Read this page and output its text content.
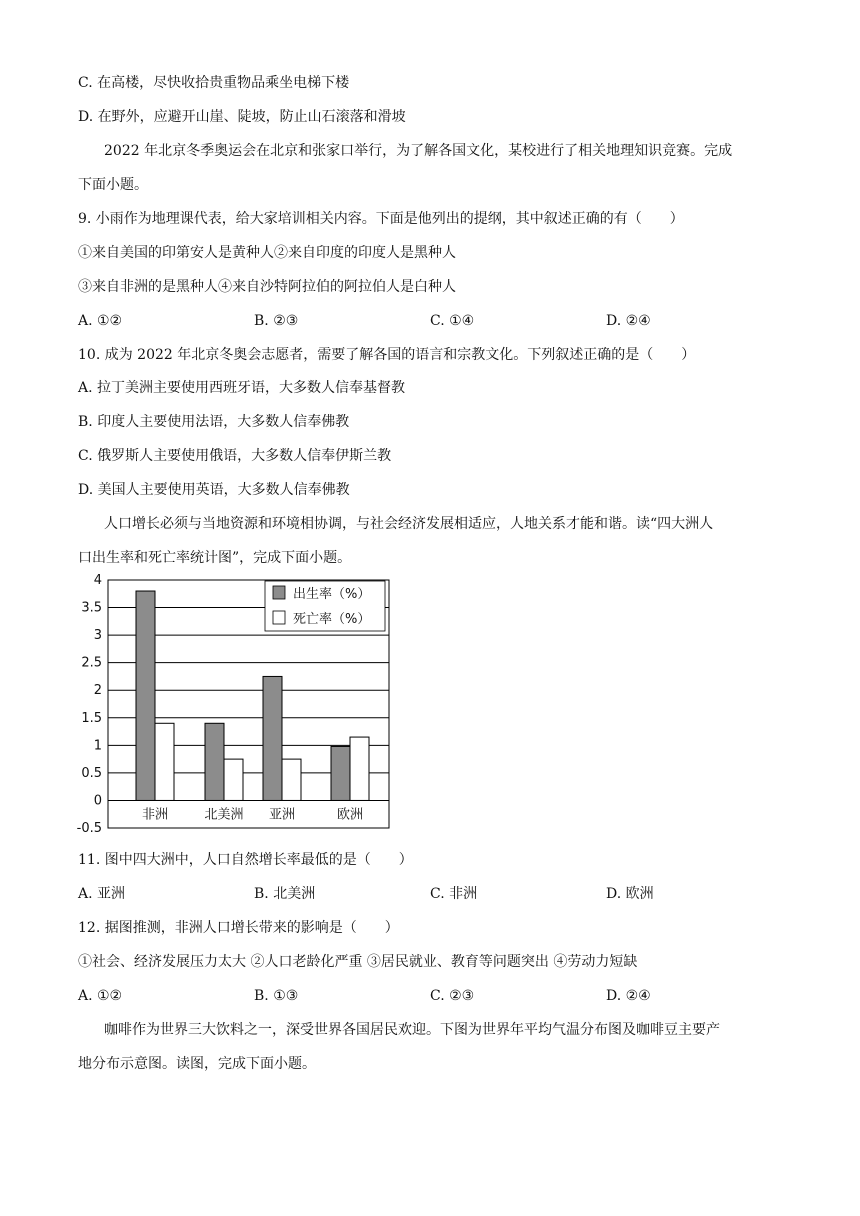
C. 在高楼，尽快收拾贵重物品乘坐电梯下楼
D. 在野外，应避开山崖、陡坡，防止山石滚落和滑坡
2022 年北京冬季奥运会在北京和张家口举行，为了解各国文化，某校进行了相关地理知识竞赛。完成
下面小题。
9. 小雨作为地理课代表，给大家培训相关内容。下面是他列出的提纲，其中叙述正确的有（　　）
①来自美国的印第安人是黄种人②来自印度的印度人是黑种人
③来自非洲的是黑种人④来自沙特阿拉伯的阿拉伯人是白种人
A. ①②	B. ②③	C. ①④	D. ②④
10. 成为 2022 年北京冬奥会志愿者，需要了解各国的语言和宗教文化。下列叙述正确的是（　　）
A. 拉丁美洲主要使用西班牙语，大多数人信奉基督教
B. 印度人主要使用法语，大多数人信奉佛教
C. 俄罗斯人主要使用俄语，大多数人信奉伊斯兰教
D. 美国人主要使用英语，大多数人信奉佛教
人口增长必须与当地资源和环境相协调，与社会经济发展相适应，人地关系才能和谐。读“四大洲人
口出生率和死亡率统计图”，完成下面小题。
4
3.5
3
2.5
2
1.5
1
0.5
0
-0.5
非洲	北美洲 亚洲	欧洲
出生率（%）
死亡率（%）
11. 图中四大洲中，人口自然增长率最低的是（　　）
A. 亚洲	B. 北美洲	C. 非洲	D. 欧洲
12. 据图推测，非洲人口增长带来的影响是（　　）
①社会、经济发展压力太大 ②人口老龄化严重 ③居民就业、教育等问题突出 ④劳动力短缺
A. ①②	B. ①③	C. ②③	D. ②④
咖啡作为世界三大饮料之一，深受世界各国居民欢迎。下图为世界年平均气温分布图及咖啡豆主要产
地分布示意图。读图，完成下面小题。
